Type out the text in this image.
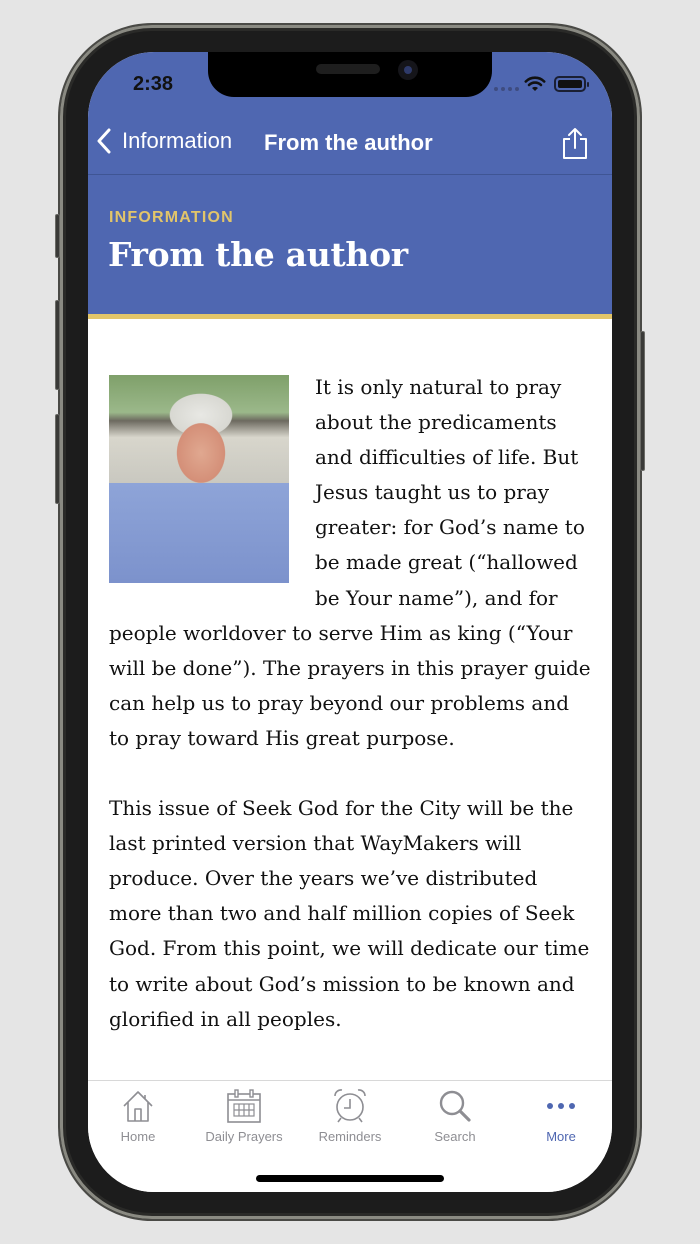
2:38
Information From the author
INFORMATION
From the author

It is only natural to pray about the predicaments and difficulties of life. But Jesus taught us to pray greater: for God’s name to be made great (“hallowed be Your name”), and for people worldover to serve Him as king (“Your will be done”). The prayers in this prayer guide can help us to pray beyond our problems and to pray toward His great purpose.

This issue of Seek God for the City will be the last printed version that WayMakers will produce. Over the years we’ve distributed more than two and half million copies of Seek God. From this point, we will dedicate our time to write about God’s mission to be known and glorified in all peoples.

Home	Daily Prayers	Reminders	Search	More
